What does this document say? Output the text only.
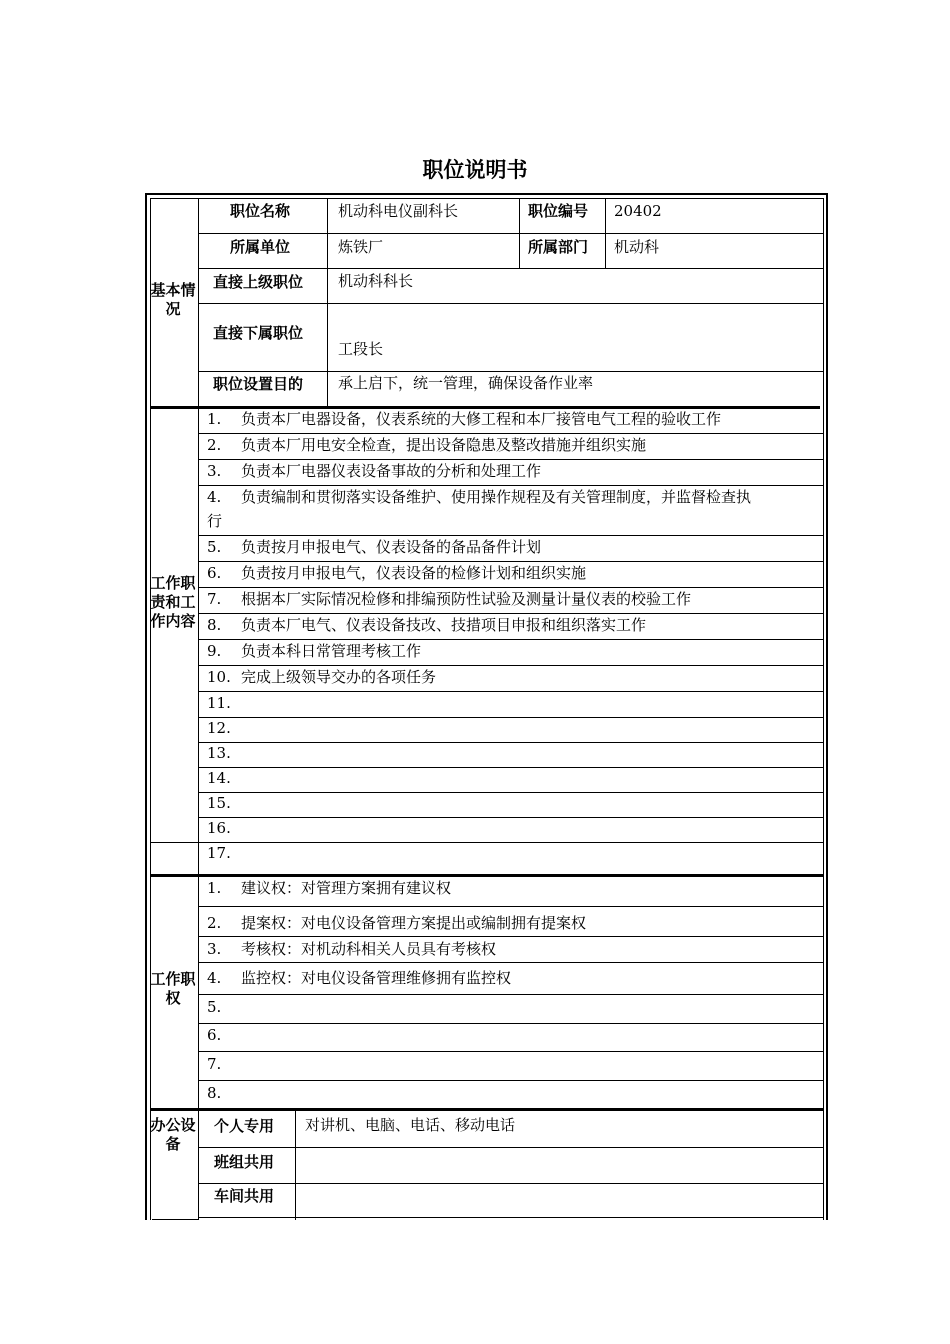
职位说明书
基本情况
职位名称	机动科电仪副科长	职位编号 20402
所属单位	炼铁厂	所属部门 机动科
直接上级职位 机动科科长
直接下属职位
工段长
职位设置目的 承上启下，统一管理，确保设备作业率
工作职责和工作内容
1. 负责本厂电器设备，仪表系统的大修工程和本厂接管电气工程的验收工作
2. 负责本厂用电安全检查，提出设备隐患及整改措施并组织实施
3. 负责本厂电器仪表设备事故的分析和处理工作
4. 负责编制和贯彻落实设备维护、使用操作规程及有关管理制度，并监督检查执
行
5. 负责按月申报电气、仪表设备的备品备件计划
6. 负责按月申报电气，仪表设备的检修计划和组织实施
7. 根据本厂实际情况检修和排编预防性试验及测量计量仪表的校验工作
8. 负责本厂电气、仪表设备技改、技措项目申报和组织落实工作
9. 负责本科日常管理考核工作
10. 完成上级领导交办的各项任务
11.
12.
13.
14.
15.
16.
17.
工作职权
1. 建议权：对管理方案拥有建议权
2. 提案权：对电仪设备管理方案提出或编制拥有提案权
3. 考核权：对机动科相关人员具有考核权
4. 监控权：对电仪设备管理维修拥有监控权
5.
6.
7.
8.
办公设备
个人专用 对讲机、电脑、电话、移动电话
班组共用
车间共用
